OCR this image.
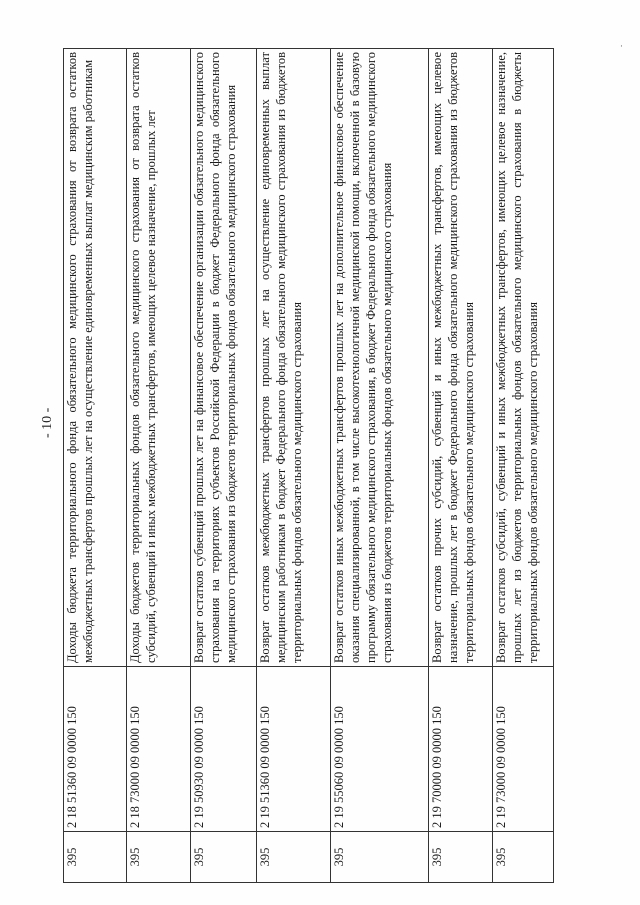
- 10 -
·
395	2 18 51360 09 0000 150	Доходы бюджета территориального фонда обязательного медицинского страхования от возврата остатков межбюджетных трансфертов прошлых лет на осуществление единовременных выплат медицинским работникам
395	2 18 73000 09 0000 150	Доходы бюджетов территориальных фондов обязательного медицинского страхования от возврата остатков субсидий, субвенций и иных межбюджетных трансфертов, имеющих целевое назначение, прошлых лет
395	2 19 50930 09 0000 150	Возврат остатков субвенций прошлых лет на финансовое обеспечение организации обязательного медицинского страхования на территориях субъектов Российской Федерации в бюджет Федерального фонда обязательного медицинского страхования из бюджетов территориальных фондов обязательного медицинского страхования
395	2 19 51360 09 0000 150	Возврат остатков межбюджетных трансфертов прошлых лет на осуществление единовременных выплат медицинским работникам в бюджет Федерального фонда обязательного медицинского страхования из бюджетов территориальных фондов обязательного медицинского страхования
395	2 19 55060 09 0000 150	Возврат остатков иных межбюджетных трансфертов прошлых лет на дополнительное финансовое обеспечение оказания специализированной, в том числе высокотехнологичной медицинской помощи, включенной в базовую программу обязательного медицинского страхования, в бюджет Федерального фонда обязательного медицинского страхования из бюджетов территориальных фондов обязательного медицинского страхования
395	2 19 70000 09 0000 150	Возврат остатков прочих субсидий, субвенций и иных межбюджетных трансфертов, имеющих целевое назначение, прошлых лет в бюджет Федерального фонда обязательного медицинского страхования из бюджетов территориальных фондов обязательного медицинского страхования
395	2 19 73000 09 0000 150	Возврат остатков субсидий, субвенций и иных межбюджетных трансфертов, имеющих целевое назначение, прошлых лет из бюджетов территориальных фондов обязательного медицинского страхования в бюджеты территориальных фондов обязательного медицинского страхования
